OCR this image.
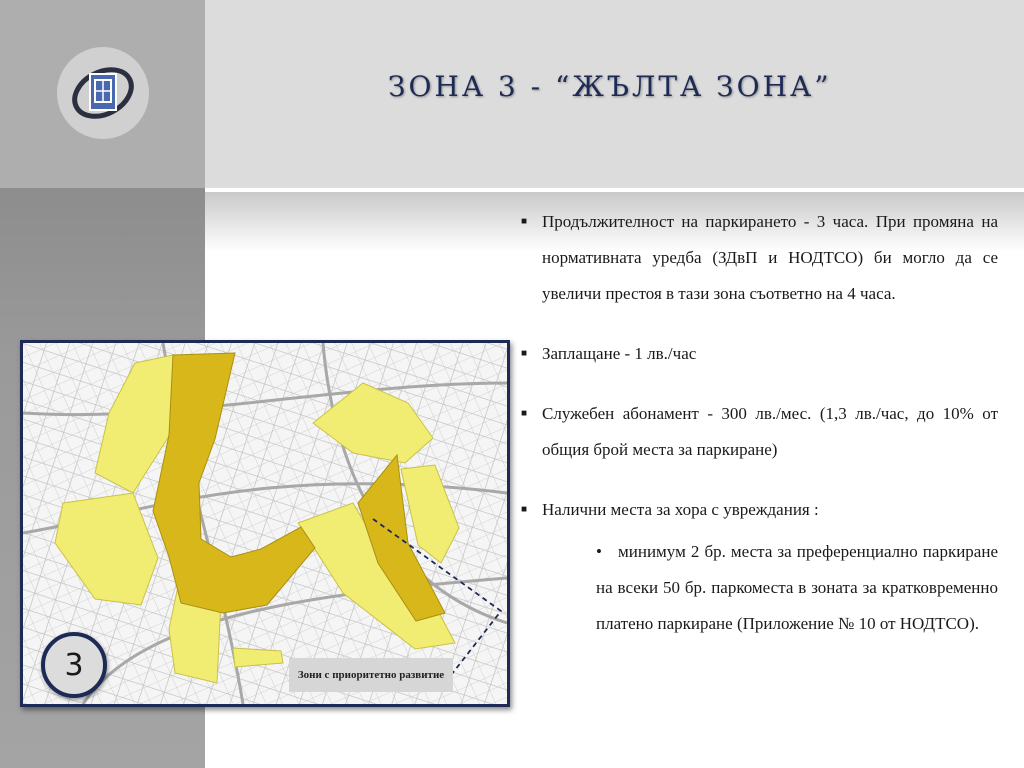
ЗОНА 3 - “ЖЪЛТА ЗОНА”
■ Продължителност на паркирането - 3 часа. При промяна на нормативната уредба (ЗДвП и НОДТСО) би могло да се увеличи престоя в тази зона съответно на 4 часа.
■ Заплащане - 1 лв./час
■ Служебен абонамент - 300 лв./мес. (1,3 лв./час, до 10% от общия брой места за паркиране)
■ Налични места за хора с увреждания :
• минимум 2 бр. места за преференциално паркиране на всеки 50 бр. паркоместа в зоната за кратковременно платено паркиране (Приложение № 10 от НОДТСО).
Зони с приоритетно развитие
3
